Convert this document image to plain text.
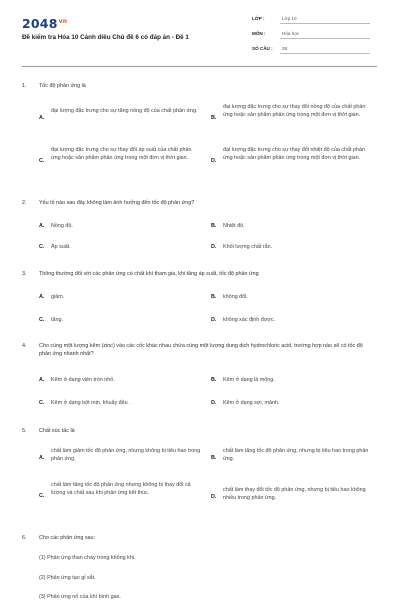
$2048^{vn}$
Đề kiểm tra Hóa 10 Cánh diều Chủ đề 6 có đáp án - Đề 1
LỚP :	Lớp 10
MÔN :	Hóa học
SỐ CÂU : 28
1. Tốc độ phản ứng là
A.
đại lượng đặc trưng cho sự tăng nồng độ của chất phản ứng.
B.
đại lượng đặc trưng cho sự thay đổi nồng độ của chất phản ứng hoặc sản phẩm phản ứng trong một đơn vị thời gian.
C.
đại lượng đặc trưng cho sự thay đổi áp suất của chất phản ứng hoặc sản phẩm phản ứng trong một đơn vị thời gian.
D.
đại lượng đặc trưng cho sự thay đổi nhiệt độ của chất phản ứng hoặc sản phẩm phản ứng trong một đơn vị thời gian.
2. Yếu tố nào sau đây không làm ảnh hưởng đến tốc độ phản ứng?
A. Nồng độ.	B. Nhiệt độ.
C. Áp suất.	D. Khối lượng chất rắn.
3. Thông thường đối với các phản ứng có chất khí tham gia, khi tăng áp suất, tốc độ phản ứng
A. giảm.	B. không đổi.
C. tăng.	D. không xác định được.
4. Cho cùng một lượng kẽm (zinc) vào các cốc khác nhau chứa cùng một lượng dung dịch hydrochloric acid, trường hợp nào sẽ có tốc độ phản ứng nhanh nhất?
A. Kẽm ở dạng viên tròn nhỏ.	B. Kẽm ở dạng lá mỏng.
C. Kẽm ở dạng bột mịn, khuấy đều .	D. Kẽm ở dạng sợi, mảnh.
5. Chất xúc tác là
A.
chất làm giảm tốc độ phản ứng, nhưng không bị tiêu hao trong phản ứng.	B.
chất làm tăng tốc độ phản ứng, nhưng bị tiêu hao trong phản ứng.
C.
chất làm tăng tốc độ phản ứng nhưng không bị thay đổi cả lượng và chất sau khi phản ứng kết thúc.
D.
chất làm thay đổi tốc độ phản ứng, nhưng bị tiêu hao không nhiều trong phản ứng.
6. Cho các phản ứng sau:
(1) Phản ứng than cháy trong không khí.
(2) Phản ứng tạo gỉ sắt.
(3) Phản ứng nổ của khí bình gas.
